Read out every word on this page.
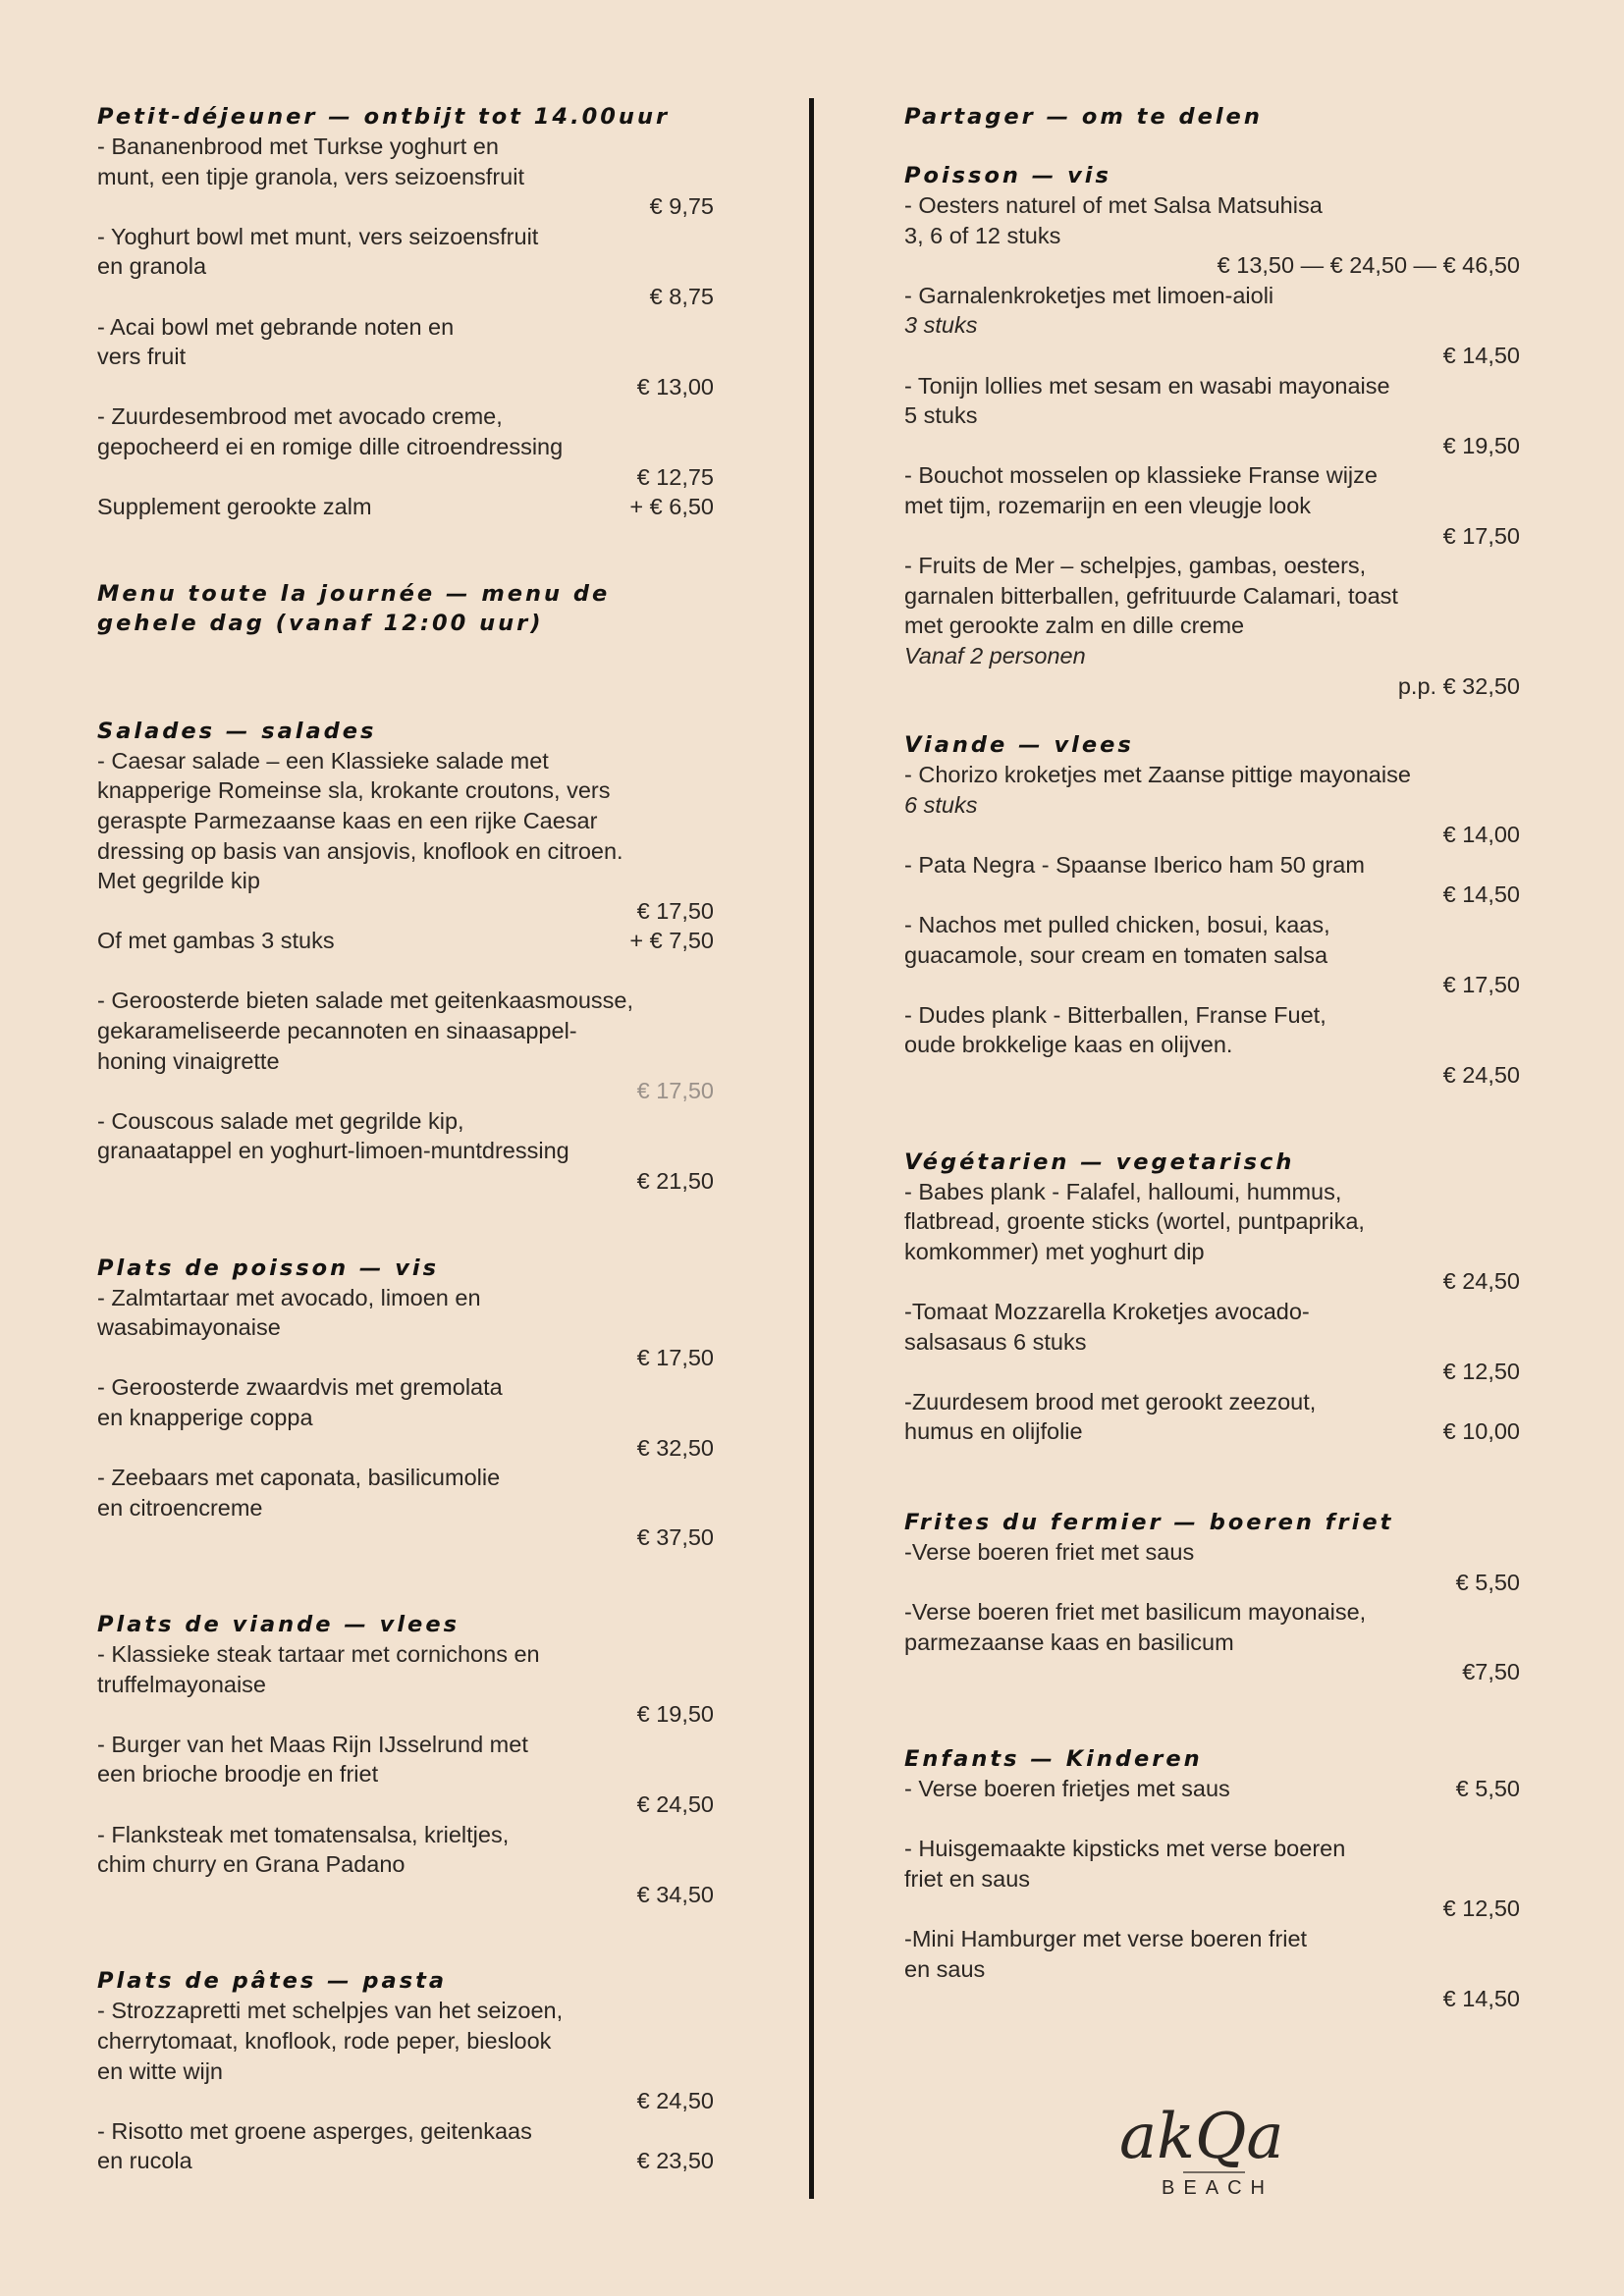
Petit-déjeuner — ontbijt tot 14.00uur
- Bananenbrood met Turkse yoghurt en
munt, een tipje granola, vers seizoensfruit
€ 9,75
- Yoghurt bowl met munt, vers seizoensfruit
en granola
€ 8,75
- Acai bowl met gebrande noten en
vers fruit
€ 13,00
- Zuurdesembrood met avocado creme,
gepocheerd ei en romige dille citroendressing
€ 12,75
Supplement gerookte zalm	+ € 6,50
Menu toute la journée — menu de
gehele dag (vanaf 12:00 uur)
Salades — salades
- Caesar salade – een Klassieke salade met
knapperige Romeinse sla, krokante croutons, vers
geraspte Parmezaanse kaas en een rijke Caesar
dressing op basis van ansjovis, knoflook en citroen.
Met gegrilde kip
€ 17,50
Of met gambas 3 stuks	+ € 7,50
- Geroosterde bieten salade met geitenkaasmousse,
gekarameliseerde pecannoten en sinaasappel-
honing vinaigrette
€ 17,50
- Couscous salade met gegrilde kip,
granaatappel en yoghurt-limoen-muntdressing
€ 21,50
Plats de poisson — vis
- Zalmtartaar met avocado, limoen en
wasabimayonaise
€ 17,50
- Geroosterde zwaardvis met gremolata
en knapperige coppa
€ 32,50
- Zeebaars met caponata, basilicumolie
en citroencreme
€ 37,50
Plats de viande — vlees
- Klassieke steak tartaar met cornichons en
truffelmayonaise
€ 19,50
- Burger van het Maas Rijn IJsselrund met
een brioche broodje en friet
€ 24,50
- Flanksteak met tomatensalsa, krieltjes,
chim churry en Grana Padano
€ 34,50
Plats de pâtes — pasta
- Strozzapretti met schelpjes van het seizoen,
cherrytomaat, knoflook, rode peper, bieslook
en witte wijn
€ 24,50
- Risotto met groene asperges, geitenkaas
en rucola	€ 23,50
Partager — om te delen
Poisson — vis
- Oesters naturel of met Salsa Matsuhisa
3, 6 of 12 stuks
€ 13,50 — € 24,50 — € 46,50
- Garnalenkroketjes met limoen-aioli
3 stuks
€ 14,50
- Tonijn lollies met sesam en wasabi mayonaise
5 stuks
€ 19,50
- Bouchot mosselen op klassieke Franse wijze
met tijm, rozemarijn en een vleugje look
€ 17,50
- Fruits de Mer – schelpjes, gambas, oesters,
garnalen bitterballen, gefrituurde Calamari, toast
met gerookte zalm en dille creme
Vanaf 2 personen
p.p. € 32,50
Viande — vlees
- Chorizo kroketjes met Zaanse pittige mayonaise
6 stuks
€ 14,00
- Pata Negra - Spaanse Iberico ham 50 gram
€ 14,50
- Nachos met pulled chicken, bosui, kaas,
guacamole, sour cream en tomaten salsa
€ 17,50
- Dudes plank - Bitterballen, Franse Fuet,
oude brokkelige kaas en olijven.
€ 24,50
Végétarien — vegetarisch
- Babes plank - Falafel, halloumi, hummus,
flatbread, groente sticks (wortel, puntpaprika,
komkommer) met yoghurt dip
€ 24,50
-Tomaat Mozzarella Kroketjes avocado-
salsasaus 6 stuks
€ 12,50
-Zuurdesem brood met gerookt zeezout,
humus en olijfolie	€ 10,00
Frites du fermier — boeren friet
-Verse boeren friet met saus
€ 5,50
-Verse boeren friet met basilicum mayonaise,
parmezaanse kaas en basilicum
€7,50
Enfants — Kinderen
- Verse boeren frietjes met saus	€ 5,50
- Huisgemaakte kipsticks met verse boeren
friet en saus
€ 12,50
-Mini Hamburger met verse boeren friet
en saus
€ 14,50
akQa
BEACH
